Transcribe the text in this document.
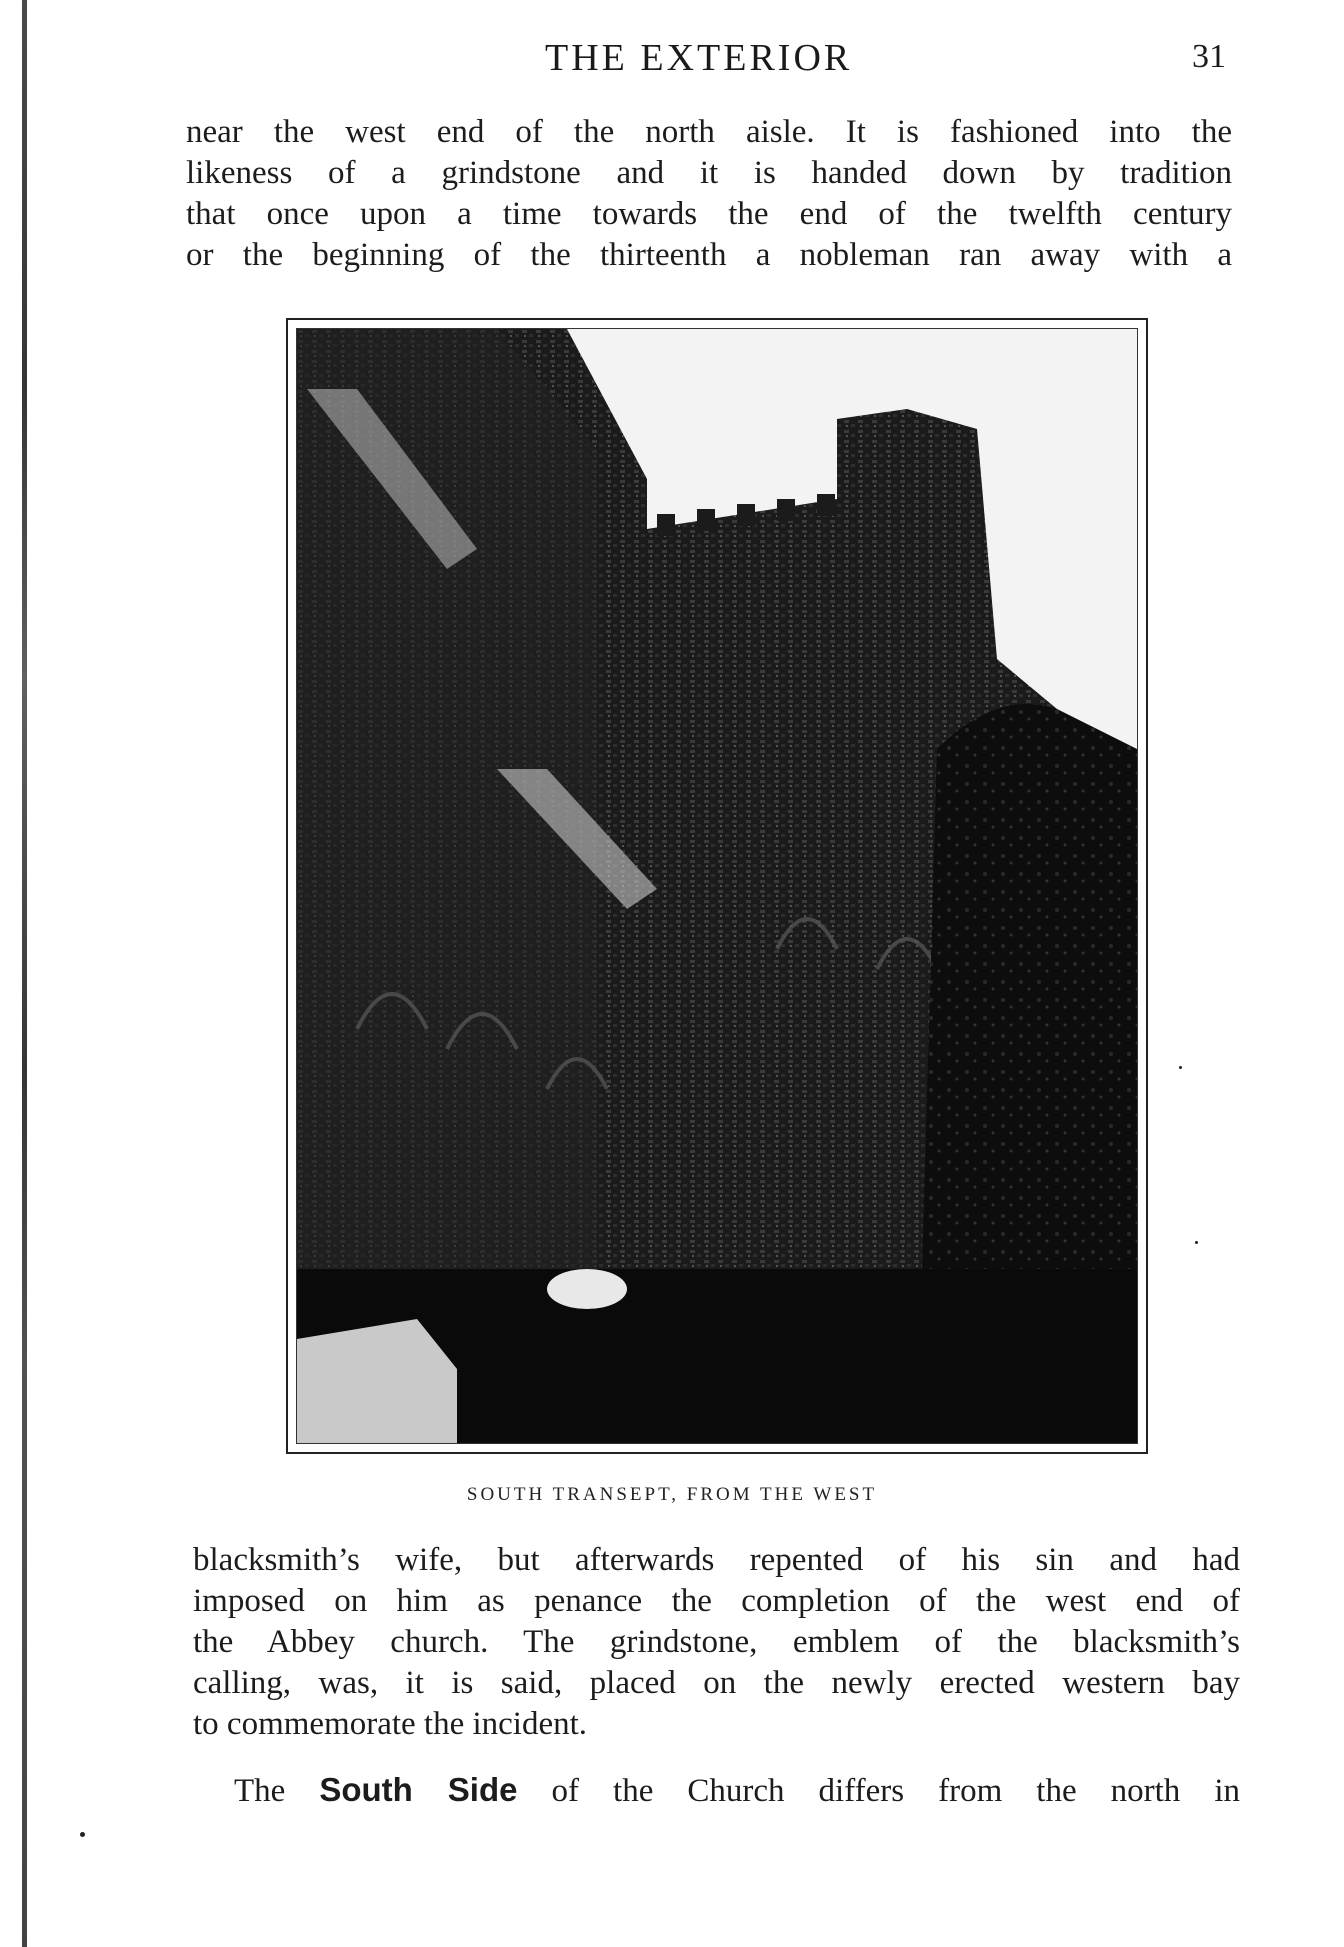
THE EXTERIOR	31
near the west end of the north aisle. It is fashioned into the
likeness of a grindstone and it is handed down by tradition
that once upon a time towards the end of the twelfth century
or the beginning of the thirteenth a nobleman ran away with a
SOUTH TRANSEPT, FROM THE WEST
blacksmith’s wife, but afterwards repented of his sin and had
imposed on him as penance the completion of the west end of
the Abbey church. The grindstone, emblem of the blacksmith’s
calling, was, it is said, placed on the newly erected western bay
to commemorate the incident.
The South Side of the Church differs from the north in
